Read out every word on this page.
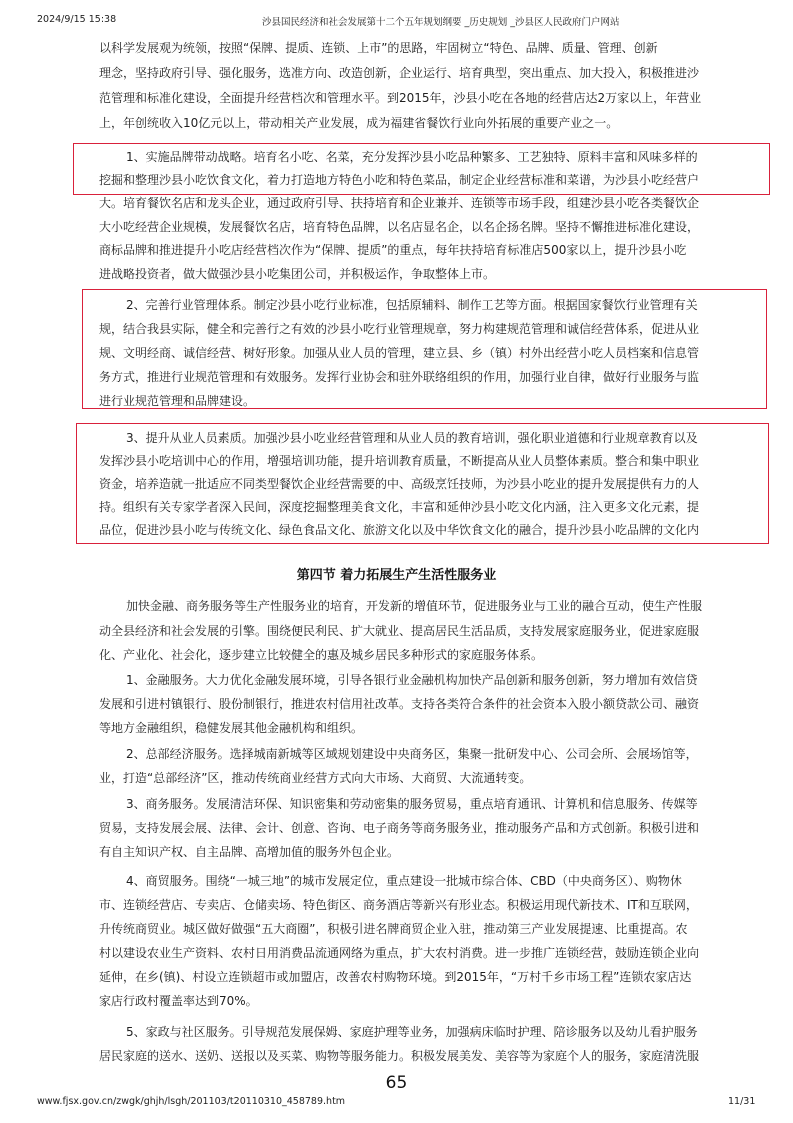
2024/9/15 15:38	沙县国民经济和社会发展第十二个五年规划纲要 _历史规划 _沙县区人民政府门户网站
以科学发展观为统领，按照“保牌、提质、连锁、上市”的思路，牢固树立“特色、品牌、质量、管理、创新
理念，坚持政府引导、强化服务，选准方向、改造创新，企业运行、培育典型，突出重点、加大投入，积极推进沙
范管理和标准化建设，全面提升经营档次和管理水平。到2015年，沙县小吃在各地的经营店达2万家以上，年营业
上，年创统收入10亿元以上，带动相关产业发展，成为福建省餐饮行业向外拓展的重要产业之一。
1、实施品牌带动战略。培育名小吃、名菜，充分发挥沙县小吃品种繁多、工艺独特、原料丰富和风味多样的
挖掘和整理沙县小吃饮食文化，着力打造地方特色小吃和特色菜品，制定企业经营标准和菜谱，为沙县小吃经营户
大。培育餐饮名店和龙头企业，通过政府引导、扶持培育和企业兼并、连锁等市场手段，组建沙县小吃各类餐饮企
大小吃经营企业规模，发展餐饮名店，培育特色品牌，以名店显名企，以名企扬名牌。坚持不懈推进标准化建设，
商标品牌和推进提升小吃店经营档次作为“保牌、提质”的重点，每年扶持培育标准店500家以上，提升沙县小吃
进战略投资者，做大做强沙县小吃集团公司，并积极运作，争取整体上市。
2、完善行业管理体系。制定沙县小吃行业标准，包括原辅料、制作工艺等方面。根据国家餐饮行业管理有关
规，结合我县实际，健全和完善行之有效的沙县小吃行业管理规章，努力构建规范管理和诚信经营体系，促进从业
规、文明经商、诚信经营、树好形象。加强从业人员的管理，建立县、乡（镇）村外出经营小吃人员档案和信息管
务方式，推进行业规范管理和有效服务。发挥行业协会和驻外联络组织的作用，加强行业自律，做好行业服务与监
进行业规范管理和品牌建设。
3、提升从业人员素质。加强沙县小吃业经营管理和从业人员的教育培训，强化职业道德和行业规章教育以及
发挥沙县小吃培训中心的作用，增强培训功能，提升培训教育质量，不断提高从业人员整体素质。整合和集中职业
资金，培养造就一批适应不同类型餐饮企业经营需要的中、高级烹饪技师，为沙县小吃业的提升发展提供有力的人
持。组织有关专家学者深入民间，深度挖掘整理美食文化，丰富和延伸沙县小吃文化内涵，注入更多文化元素，提
品位，促进沙县小吃与传统文化、绿色食品文化、旅游文化以及中华饮食文化的融合，提升沙县小吃品牌的文化内
第四节 着力拓展生产生活性服务业
加快金融、商务服务等生产性服务业的培育，开发新的增值环节，促进服务业与工业的融合互动，使生产性服
动全县经济和社会发展的引擎。围绕便民利民、扩大就业、提高居民生活品质，支持发展家庭服务业，促进家庭服
化、产业化、社会化，逐步建立比较健全的惠及城乡居民多种形式的家庭服务体系。
1、金融服务。大力优化金融发展环境，引导各银行业金融机构加快产品创新和服务创新，努力增加有效信贷
发展和引进村镇银行、股份制银行，推进农村信用社改革。支持各类符合条件的社会资本入股小额贷款公司、融资
等地方金融组织，稳健发展其他金融机构和组织。
2、总部经济服务。选择城南新城等区域规划建设中央商务区，集聚一批研发中心、公司会所、会展场馆等，
业，打造“总部经济”区，推动传统商业经营方式向大市场、大商贸、大流通转变。
3、商务服务。发展清洁环保、知识密集和劳动密集的服务贸易，重点培育通讯、计算机和信息服务、传媒等
贸易，支持发展会展、法律、会计、创意、咨询、电子商务等商务服务业，推动服务产品和方式创新。积极引进和
有自主知识产权、自主品牌、高增加值的服务外包企业。
4、商贸服务。围绕“一城三地”的城市发展定位，重点建设一批城市综合体、CBD（中央商务区）、购物休
市、连锁经营店、专卖店、仓储卖场、特色街区、商务酒店等新兴有形业态。积极运用现代新技术、IT和互联网，
升传统商贸业。城区做好做强“五大商圈”，积极引进名牌商贸企业入驻，推动第三产业发展提速、比重提高。农
村以建设农业生产资料、农村日用消费品流通网络为重点，扩大农村消费。进一步推广连锁经营，鼓励连锁企业向
延伸，在乡(镇)、村设立连锁超市或加盟店，改善农村购物环境。到2015年，“万村千乡市场工程”连锁农家店达
家店行政村覆盖率达到70%。
5、家政与社区服务。引导规范发展保姆、家庭护理等业务，加强病床临时护理、陪诊服务以及幼儿看护服务
居民家庭的送水、送奶、送报以及买菜、购物等服务能力。积极发展美发、美容等为家庭个人的服务，家庭清洗服
65
www.fjsx.gov.cn/zwgk/ghjh/lsgh/201103/t20110310_458789.htm	11/31
